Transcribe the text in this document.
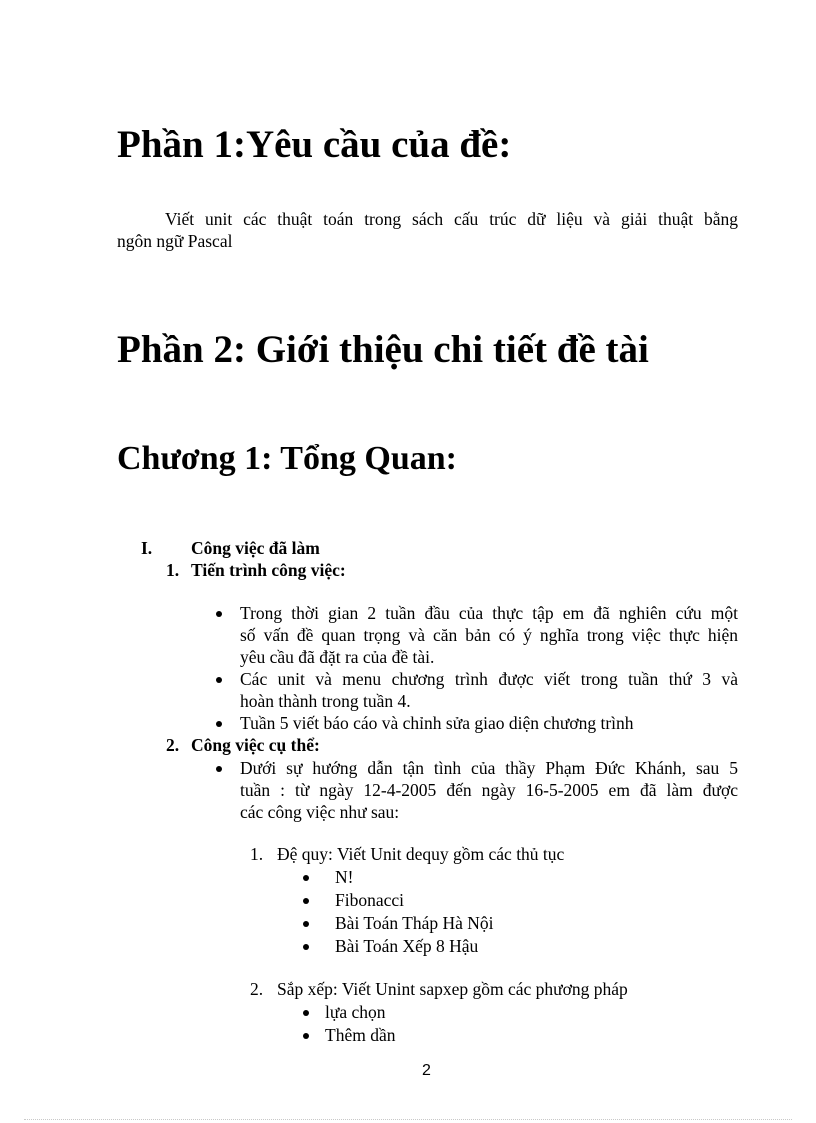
Phần 1:Yêu cầu của đề:
Viết unit các thuật toán trong sách cấu trúc dữ liệu và giải thuật bằng
ngôn ngữ Pascal
Phần 2: Giới thiệu chi tiết đề tài
Chương 1: Tổng Quan:
I. Công việc đã làm
1. Tiến trình công việc:
Trong thời gian 2 tuần đầu của thực tập em đã nghiên cứu một
số vấn đề quan trọng và căn bản có ý nghĩa trong việc thực hiện
yêu cầu đã đặt ra của đề tài.
Các unit và menu chương trình được viết trong tuần thứ 3 và
hoàn thành trong tuần 4.
Tuần 5 viết báo cáo và chỉnh sửa giao diện chương trình
2. Công việc cụ thể:
Dưới sự hướng dẫn tận tình của thầy Phạm Đức Khánh, sau 5
tuần : từ ngày 12-4-2005 đến ngày 16-5-2005 em đã làm được
các công việc như sau:
1. Đệ quy: Viết Unit dequy gồm các thủ tục
N!
Fibonacci
Bài Toán Tháp Hà Nội
Bài Toán Xếp 8 Hậu
2. Sắp xếp: Viết Unint sapxep gồm các phương pháp
lựa chọn
Thêm dần
2
